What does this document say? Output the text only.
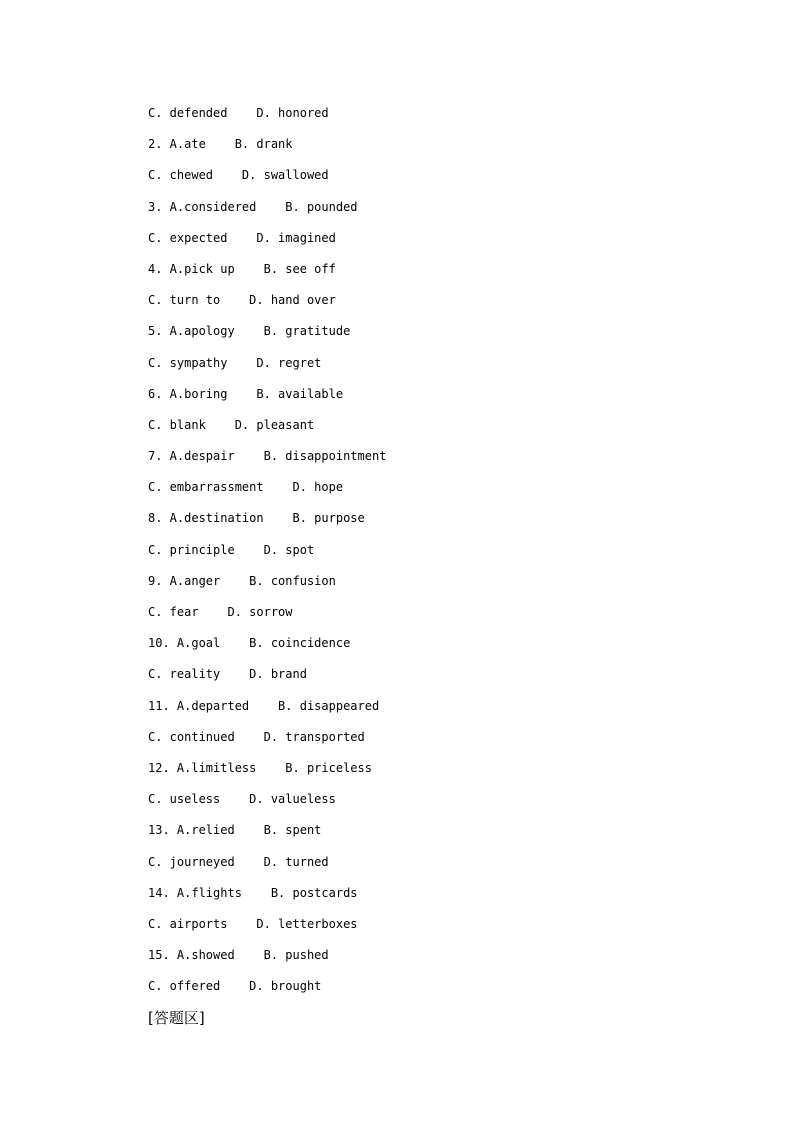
C. defended    D. honored
2. A.ate    B. drank
C. chewed    D. swallowed
3. A.considered    B. pounded
C. expected    D. imagined
4. A.pick up    B. see off
C. turn to    D. hand over
5. A.apology    B. gratitude
C. sympathy    D. regret
6. A.boring    B. available
C. blank    D. pleasant
7. A.despair    B. disappointment
C. embarrassment    D. hope
8. A.destination    B. purpose
C. principle    D. spot
9. A.anger    B. confusion
C. fear    D. sorrow
10. A.goal    B. coincidence
C. reality    D. brand
11. A.departed    B. disappeared
C. continued    D. transported
12. A.limitless    B. priceless
C. useless    D. valueless
13. A.relied    B. spent
C. journeyed    D. turned
14. A.flights    B. postcards
C. airports    D. letterboxes
15. A.showed    B. pushed
C. offered    D. brought
[答题区]
